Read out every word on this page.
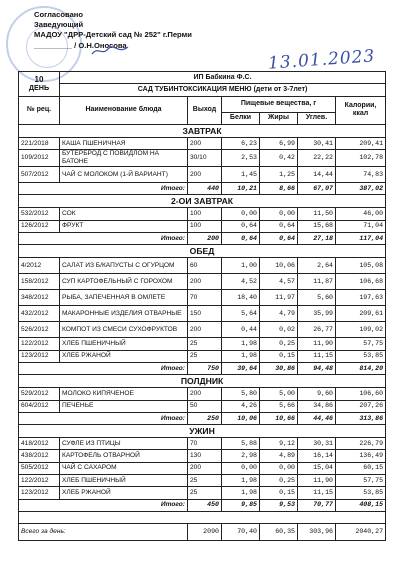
Согласовано
Заведующий
МАДОУ "ДРР-Детский сад № 252" г.Перми
_________ / О.Н.Оносова
13.01.2023
10
ДЕНЬ	ИП Бабкина Ф.С.					
	САД ТУБИНТОКСИКАЦИЯ МЕНЮ (дети от 3-7лет)					
№ рец.	Наименование блюда	Выход	Пищевые вещества, г			Калории, ккал
			Белки	Жиры	Углев.	
ЗАВТРАК						
221/2018	КАША ПШЕНИЧНАЯ	200	6,23	6,99	30,41	209,41
109/2012	БУТЕРБРОД С ПОВИДЛОМ НА БАТОНЕ	30/10	2,53	0,42	22,22	102,78
507/2012	ЧАЙ С МОЛОКОМ (1-Й ВАРИАНТ)	200	1,45	1,25	14,44	74,83
Итого:		440	10,21	8,66	67,07	387,02
2-ОИ ЗАВТРАК						
532/2012	СОК	100	0,00	0,00	11,50	46,00
126/2012	ФРУКТ	100	0,64	0,64	15,68	71,04
Итого:		200	0,64	0,64	27,18	117,04
ОБЕД						
4/2012	САЛАТ ИЗ Б/КАПУСТЫ С ОГУРЦОМ	60	1,00	10,06	2,64	105,08
158/2012	СУП КАРТОФЕЛЬНЫЙ С ГОРОХОМ	200	4,52	4,57	11,87	106,68
348/2012	РЫБА, ЗАПЕЧЕННАЯ В ОМЛЕТЕ	70	18,40	11,97	5,60	197,63
432/2012	МАКАРОННЫЕ ИЗДЕЛИЯ ОТВАРНЫЕ	150	5,64	4,79	35,99	209,61
526/2012	КОМПОТ ИЗ СМЕСИ СУХОФРУКТОВ	200	0,44	0,02	26,77	109,02
122/2012	ХЛЕБ ПШЕНИЧНЫЙ	25	1,98	0,25	11,90	57,75
123/2012	ХЛЕБ РЖАНОЙ	25	1,98	0,15	11,15	53,85
Итого:		750	39,64	30,86	94,48	814,20
ПОЛДНИК						
529/2012	МОЛОКО КИПЯЧЕНОЕ	200	5,80	5,00	9,60	106,60
604/2012	ПЕЧЕНЬЕ	50	4,26	5,66	34,86	207,26
Итого:		250	10,06	10,66	44,46	313,86
УЖИН						
418/2012	СУФЛЕ ИЗ ПТИЦЫ	70	5,88	9,12	30,31	226,79
438/2012	КАРТОФЕЛЬ ОТВАРНОЙ	130	2,98	4,89	16,14	136,49
505/2012	ЧАЙ С САХАРОМ	200	0,00	0,00	15,04	60,15
122/2012	ХЛЕБ ПШЕНИЧНЫЙ	25	1,98	0,25	11,90	57,75
123/2012	ХЛЕБ РЖАНОЙ	25	1,98	0,15	11,15	53,85
Итого:		450	9,85	9,53	70,77	408,15

Всего за день:		2090	70,40	60,35	303,96	2040,27
